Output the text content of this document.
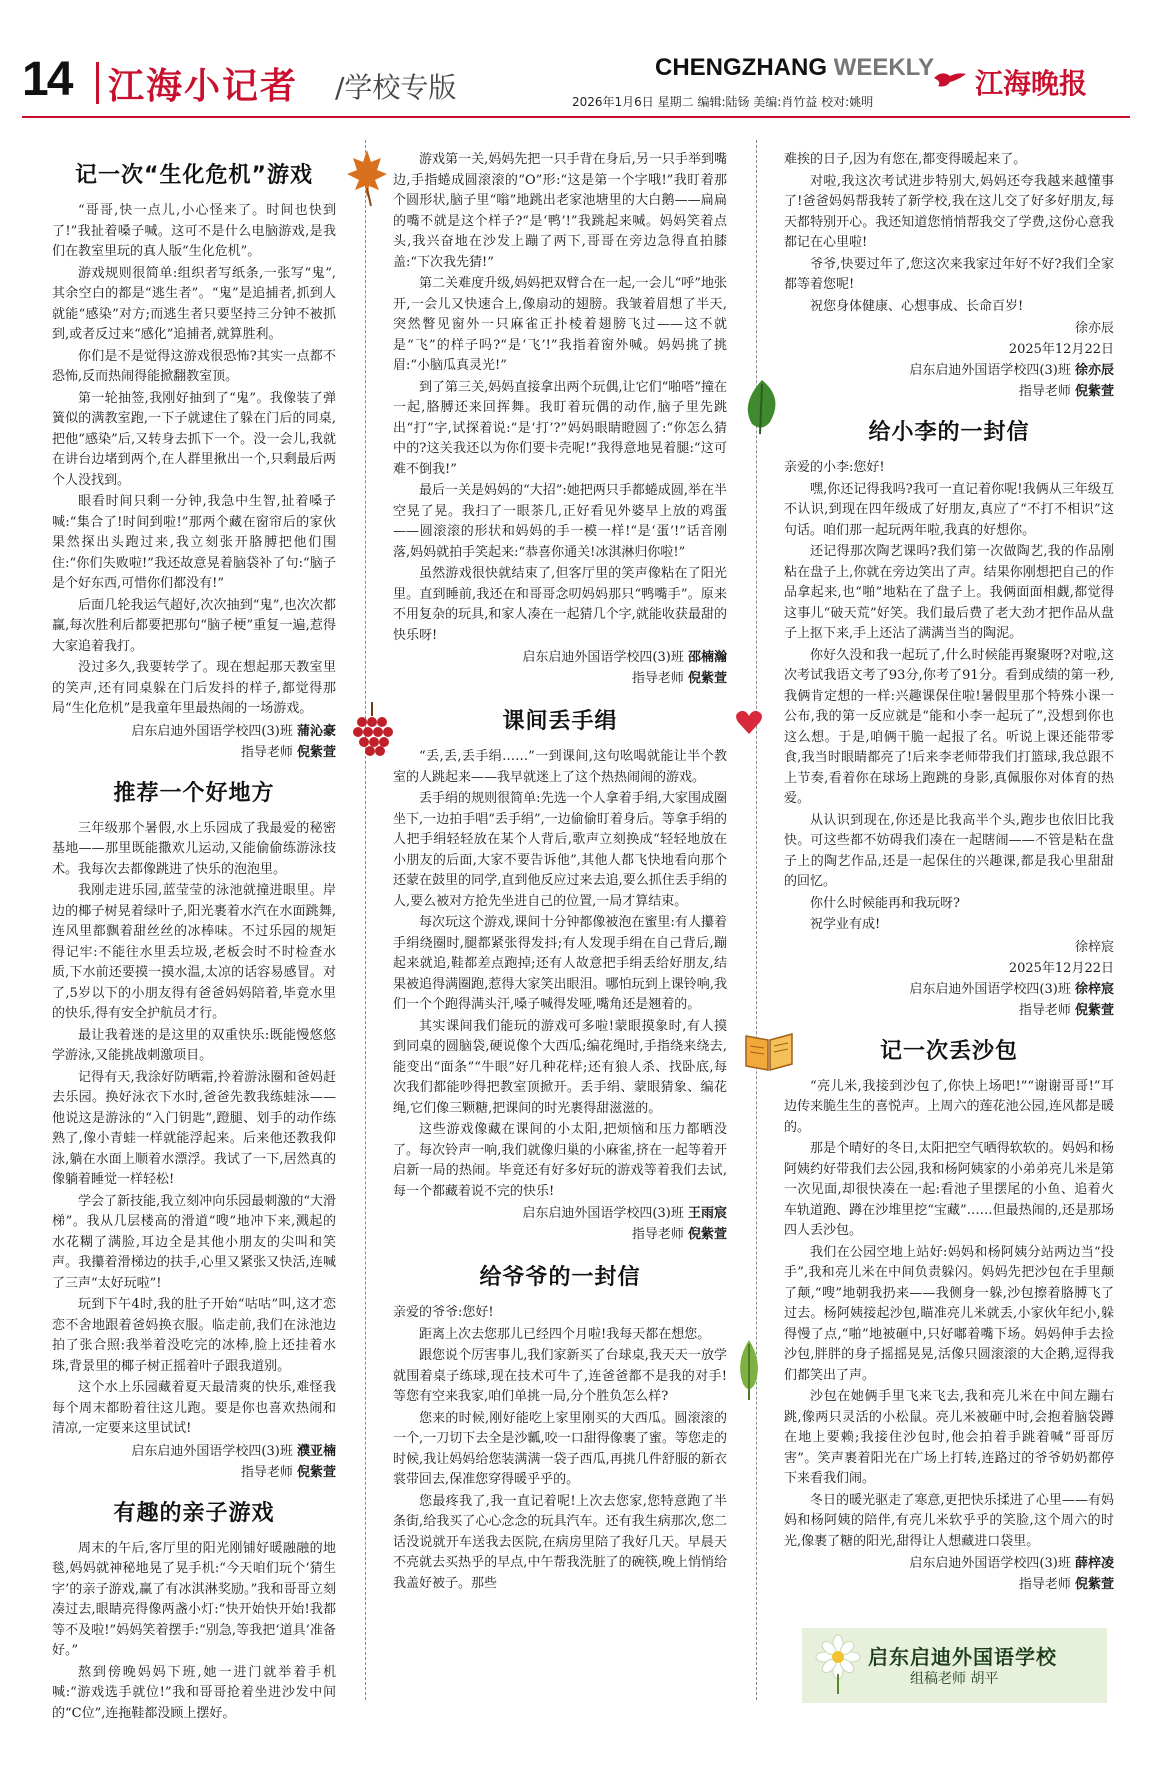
14 江海小记者 /学校专版
CHENGZHANG WEEKLY 江海晚报
2026年1月6日 星期二 编辑:陆钖 美编:肖竹益 校对:姚明
启东启迪外国语学校
组稿老师 胡平
记一次“生化危机”游戏

“哥哥,快一点儿,小心怪来了。时间也快到了!”我扯着嗓子喊。这可不是什么电脑游戏,是我们在教室里玩的真人版“生化危机”。

游戏规则很简单:组织者写纸条,一张写“鬼”,其余空白的都是“逃生者”。“鬼”是追捕者,抓到人就能“感染”对方;而逃生者只要坚持三分钟不被抓到,或者反过来“感化”追捕者,就算胜利。

你们是不是觉得这游戏很恐怖?其实一点都不恐怖,反而热闹得能掀翻教室顶。

第一轮抽签,我刚好抽到了“鬼”。我像装了弹簧似的满教室跑,一下子就逮住了躲在门后的同桌,把他“感染”后,又转身去抓下一个。没一会儿,我就在讲台边堵到两个,在人群里揪出一个,只剩最后两个人没找到。

眼看时间只剩一分钟,我急中生智,扯着嗓子喊:“集合了!时间到啦!”那两个藏在窗帘后的家伙果然探出头跑过来,我立刻张开胳膊把他们围住:“你们失败啦!”我还故意晃着脑袋补了句:“脑子是个好东西,可惜你们都没有!”

后面几轮我运气超好,次次抽到“鬼”,也次次都赢,每次胜利后都要把那句“脑子梗”重复一遍,惹得大家追着我打。

没过多久,我要转学了。现在想起那天教室里的笑声,还有同桌躲在门后发抖的样子,都觉得那局“生化危机”是我童年里最热闹的一场游戏。

启东启迪外国语学校四(3)班 蒲沁豪
指导老师 倪紫萱
推荐一个好地方

三年级那个暑假,水上乐园成了我最爱的秘密基地——那里既能撒欢儿运动,又能偷偷练游泳技术。我每次去都像跳进了快乐的泡泡里。

我刚走进乐园,蓝莹莹的泳池就撞进眼里。岸边的椰子树晃着绿叶子,阳光裹着水汽在水面跳舞,连风里都飘着甜丝丝的冰棒味。不过乐园的规矩得记牢:不能往水里丢垃圾,老板会时不时检查水质,下水前还要摸一摸水温,太凉的话容易感冒。对了,5岁以下的小朋友得有爸爸妈妈陪着,毕竟水里的快乐,得有安全护航员才行。

最让我着迷的是这里的双重快乐:既能慢悠悠学游泳,又能挑战刺激项目。

记得有天,我涂好防晒霜,拎着游泳圈和爸妈赶去乐园。换好泳衣下水时,爸爸先教我练蛙泳——他说这是游泳的“入门钥匙”,蹬腿、划手的动作练熟了,像小青蛙一样就能浮起来。后来他还教我仰泳,躺在水面上顺着水漂浮。我试了一下,居然真的像躺着睡觉一样轻松!

学会了新技能,我立刻冲向乐园最刺激的“大滑梯”。我从几层楼高的滑道“嗖”地冲下来,溅起的水花糊了满脸,耳边全是其他小朋友的尖叫和笑声。我攥着滑梯边的扶手,心里又紧张又快活,连喊了三声“太好玩啦”!

玩到下午4时,我的肚子开始“咕咕”叫,这才恋恋不舍地跟着爸妈换衣服。临走前,我们在泳池边拍了张合照:我举着没吃完的冰棒,脸上还挂着水珠,背景里的椰子树正摇着叶子跟我道别。

这个水上乐园藏着夏天最清爽的快乐,难怪我每个周末都盼着往这儿跑。要是你也喜欢热闹和清凉,一定要来这里试试!

启东启迪外国语学校四(3)班 濮亚楠
指导老师 倪紫萱
有趣的亲子游戏

周末的午后,客厅里的阳光刚铺好暖融融的地毯,妈妈就神秘地晃了晃手机:“今天咱们玩个‘猜生字’的亲子游戏,赢了有冰淇淋奖励。”我和哥哥立刻凑过去,眼睛亮得像两盏小灯:“快开始快开始!我都等不及啦!”妈妈笑着摆手:“别急,等我把‘道具’准备好。”

熬到傍晚妈妈下班,她一进门就举着手机喊:“游戏选手就位!”我和哥哥抢着坐进沙发中间的“C位”,连拖鞋都没顾上摆好。

游戏第一关,妈妈先把一只手背在身后,另一只手举到嘴边,手指蜷成圆滚滚的“O”形:“这是第一个字哦!”我盯着那个圆形状,脑子里“嗡”地跳出老家池塘里的大白鹅——扁扁的嘴不就是这个样子?“是‘鸭’!”我跳起来喊。妈妈笑着点头,我兴奋地在沙发上蹦了两下,哥哥在旁边急得直拍膝盖:“下次我先猜!”

第二关难度升级,妈妈把双臂合在一起,一会儿“呼”地张开,一会儿又快速合上,像扇动的翅膀。我皱着眉想了半天,突然瞥见窗外一只麻雀正扑棱着翅膀飞过——这不就是“飞”的样子吗?“是‘飞’!”我指着窗外喊。妈妈挑了挑眉:“小脑瓜真灵光!”

到了第三关,妈妈直接拿出两个玩偶,让它们“啪嗒”撞在一起,胳膊还来回挥舞。我盯着玩偶的动作,脑子里先跳出“打”字,试探着说:“是‘打’?”妈妈眼睛瞪圆了:“你怎么猜中的?这关我还以为你们要卡壳呢!”我得意地晃着腿:“这可难不倒我!”

最后一关是妈妈的“大招”:她把两只手都蜷成圆,举在半空晃了晃。我扫了一眼茶几,正好看见外婆早上放的鸡蛋——圆滚滚的形状和妈妈的手一模一样!“是‘蛋’!”话音刚落,妈妈就拍手笑起来:“恭喜你通关!冰淇淋归你啦!”

虽然游戏很快就结束了,但客厅里的笑声像粘在了阳光里。直到睡前,我还在和哥哥念叨妈妈那只“鸭嘴手”。原来不用复杂的玩具,和家人凑在一起猜几个字,就能收获最甜的快乐呀!

启东启迪外国语学校四(3)班 邵楠瀚
指导老师 倪紫萱
课间丢手绢

“丢,丢,丢手绢……”一到课间,这句吆喝就能让半个教室的人跳起来——我早就迷上了这个热热闹闹的游戏。

丢手绢的规则很简单:先选一个人拿着手绢,大家围成圈坐下,一边拍手唱“丢手绢”,一边偷偷盯着身后。等拿手绢的人把手绢轻轻放在某个人背后,歌声立刻换成“轻轻地放在小朋友的后面,大家不要告诉他”,其他人都飞快地看向那个还蒙在鼓里的同学,直到他反应过来去追,要么抓住丢手绢的人,要么被对方抢先坐进自己的位置,一局才算结束。

每次玩这个游戏,课间十分钟都像被泡在蜜里:有人攥着手绢绕圈时,腿都紧张得发抖;有人发现手绢在自己背后,蹦起来就追,鞋都差点跑掉;还有人故意把手绢丢给好朋友,结果被追得满圈跑,惹得大家笑出眼泪。哪怕玩到上课铃响,我们一个个跑得满头汗,嗓子喊得发哑,嘴角还是翘着的。

其实课间我们能玩的游戏可多啦!蒙眼摸象时,有人摸到同桌的圆脑袋,硬说像个大西瓜;编花绳时,手指绕来绕去,能变出“面条”“牛眼”好几种花样;还有狼人杀、找卧底,每次我们都能吵得把教室顶掀开。丢手绢、蒙眼猜象、编花绳,它们像三颗糖,把课间的时光裹得甜滋滋的。

这些游戏像藏在课间的小太阳,把烦恼和压力都晒没了。每次铃声一响,我们就像归巢的小麻雀,挤在一起等着开启新一局的热闹。毕竟还有好多好玩的游戏等着我们去试,每一个都藏着说不完的快乐!

启东启迪外国语学校四(3)班 王雨宸
指导老师 倪紫萱
给爷爷的一封信

亲爱的爷爷:您好!

距离上次去您那儿已经四个月啦!我每天都在想您。

跟您说个厉害事儿,我们家新买了台球桌,我天天一放学就围着桌子练球,现在技术可牛了,连爸爸都不是我的对手!等您有空来我家,咱们单挑一局,分个胜负怎么样?

您来的时候,刚好能吃上家里刚买的大西瓜。圆滚滚的一个,一刀切下去全是沙瓤,咬一口甜得像裹了蜜。等您走的时候,我让妈妈给您装满满一袋子西瓜,再挑几件舒服的新衣裳带回去,保准您穿得暖乎乎的。

您最疼我了,我一直记着呢!上次去您家,您特意跑了半条街,给我买了心心念念的玩具汽车。还有我生病那次,您二话没说就开车送我去医院,在病房里陪了我好几天。早晨天不亮就去买热乎的早点,中午帮我洗脏了的碗筷,晚上悄悄给我盖好被子。那些

难挨的日子,因为有您在,都变得暖起来了。

对啦,我这次考试进步特别大,妈妈还夸我越来越懂事了!爸爸妈妈帮我转了新学校,我在这儿交了好多好朋友,每天都特别开心。我还知道您悄悄帮我交了学费,这份心意我都记在心里啦!

爷爷,快要过年了,您这次来我家过年好不好?我们全家都等着您呢!

祝您身体健康、心想事成、长命百岁!

徐亦辰
2025年12月22日
启东启迪外国语学校四(3)班 徐亦辰
指导老师 倪紫萱
给小李的一封信

亲爱的小李:您好!

嘿,你还记得我吗?我可一直记着你呢!我俩从三年级互不认识,到现在四年级成了好朋友,真应了“不打不相识”这句话。咱们那一起玩两年啦,我真的好想你。

还记得那次陶艺课吗?我们第一次做陶艺,我的作品刚粘在盘子上,你就在旁边笑出了声。结果你刚想把自己的作品拿起来,也“啪”地粘在了盘子上。我俩面面相觑,都觉得这事儿“破天荒”好笑。我们最后费了老大劲才把作品从盘子上抠下来,手上还沾了满满当当的陶泥。

你好久没和我一起玩了,什么时候能再聚聚呀?对啦,这次考试我语文考了93分,你考了91分。看到成绩的第一秒,我俩肯定想的一样:兴趣课保住啦!暑假里那个特殊小课一公布,我的第一反应就是“能和小李一起玩了”,没想到你也这么想。于是,咱俩干脆一起报了名。听说上课还能带零食,我当时眼睛都亮了!后来李老师带我们打篮球,我总跟不上节奏,看着你在球场上跑跳的身影,真佩服你对体育的热爱。

从认识到现在,你还是比我高半个头,跑步也依旧比我快。可这些都不妨碍我们凑在一起瞎闹——不管是粘在盘子上的陶艺作品,还是一起保住的兴趣课,都是我心里甜甜的回忆。

你什么时候能再和我玩呀?

祝学业有成!

徐梓宸
2025年12月22日
启东启迪外国语学校四(3)班 徐梓宸
指导老师 倪紫萱
记一次丢沙包

“亮儿米,我接到沙包了,你快上场吧!”“谢谢哥哥!”耳边传来脆生生的喜悦声。上周六的莲花池公园,连风都是暖的。

那是个晴好的冬日,太阳把空气晒得软软的。妈妈和杨阿姨约好带我们去公园,我和杨阿姨家的小弟弟亮儿米是第一次见面,却很快凑在一起:看池子里摆尾的小鱼、追着火车轨道跑、蹲在沙堆里挖“宝藏”……但最热闹的,还是那场四人丢沙包。

我们在公园空地上站好:妈妈和杨阿姨分站两边当“投手”,我和亮儿米在中间负责躲闪。妈妈先把沙包在手里颠了颠,“嗖”地朝我扔来——我侧身一躲,沙包擦着胳膊飞了过去。杨阿姨接起沙包,瞄准亮儿米就丢,小家伙年纪小,躲得慢了点,“啪”地被砸中,只好嘟着嘴下场。妈妈伸手去捡沙包,胖胖的身子摇摇晃晃,活像只圆滚滚的大企鹅,逗得我们都笑出了声。

沙包在她俩手里飞来飞去,我和亮儿米在中间左蹦右跳,像两只灵活的小松鼠。亮儿米被砸中时,会抱着脑袋蹲在地上要赖;我接住沙包时,他会拍着手跳着喊“哥哥厉害”。笑声裹着阳光在广场上打转,连路过的爷爷奶奶都停下来看我们闹。

冬日的暖光驱走了寒意,更把快乐揉进了心里——有妈妈和杨阿姨的陪伴,有亮儿米软乎乎的笑脸,这个周六的时光,像裹了糖的阳光,甜得让人想藏进口袋里。

启东启迪外国语学校四(3)班 薛梓凌
指导老师 倪紫萱
